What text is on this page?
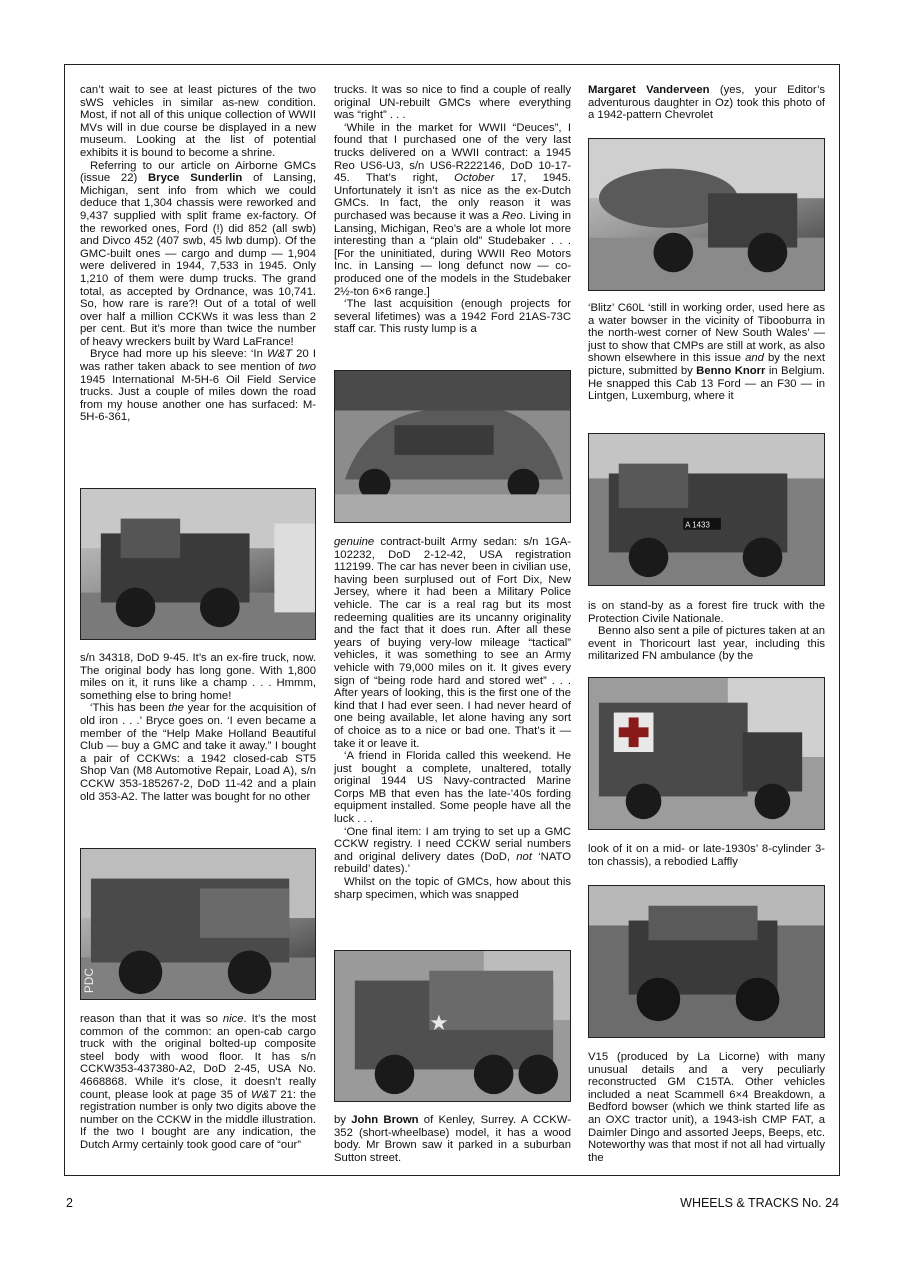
can’t wait to see at least pictures of the two sWS vehicles in similar as-new condition. Most, if not all of this unique collection of WWII MVs will in due course be displayed in a new museum. Looking at the list of potential exhibits it is bound to become a shrine.

Referring to our article on Airborne GMCs (issue 22) Bryce Sunderlin of Lansing, Michigan, sent info from which we could deduce that 1,304 chassis were reworked and 9,437 supplied with split frame ex-factory. Of the reworked ones, Ford (!) did 852 (all swb) and Divco 452 (407 swb, 45 lwb dump). Of the GMC-built ones — cargo and dump — 1,904 were delivered in 1944, 7,533 in 1945. Only 1,210 of them were dump trucks. The grand total, as accepted by Ordnance, was 10,741. So, how rare is rare?! Out of a total of well over half a million CCKWs it was less than 2 per cent. But it’s more than twice the number of heavy wreckers built by Ward LaFrance!

Bryce had more up his sleeve: ‘In W&T 20 I was rather taken aback to see mention of two 1945 International M-5H-6 Oil Field Service trucks. Just a couple of miles down the road from my house another one has surfaced: M-5H-6-361,

s/n 34318, DoD 9-45. It’s an ex-fire truck, now. The original body has long gone. With 1,800 miles on it, it runs like a champ . . . Hmmm, something else to bring home!

‘This has been the year for the acquisition of old iron . . .’ Bryce goes on. ‘I even became a member of the “Help Make Holland Beautiful Club — buy a GMC and take it away.” I bought a pair of CCKWs: a 1942 closed-cab ST5 Shop Van (M8 Automotive Repair, Load A), s/n CCKW 353-185267-2, DoD 11-42 and a plain old 353-A2. The latter was bought for no other

PDC

reason than that it was so nice. It’s the most common of the common: an open-cab cargo truck with the original bolted-up composite steel body with wood floor. It has s/n CCKW353-437380-A2, DoD 2-45, USA No. 4668868. While it’s close, it doesn’t really count, please look at page 35 of W&T 21: the registration number is only two digits above the number on the CCKW in the middle illustration. If the two I bought are any indication, the Dutch Army certainly took good care of “our”

trucks. It was so nice to find a couple of really original UN-rebuilt GMCs where everything was “right” . . .

‘While in the market for WWII “Deuces”, I found that I purchased one of the very last trucks delivered on a WWII contract: a 1945 Reo US6-U3, s/n US6-R222146, DoD 10-17-45. That’s right, October 17, 1945. Unfortunately it isn’t as nice as the ex-Dutch GMCs. In fact, the only reason it was purchased was because it was a Reo. Living in Lansing, Michigan, Reo’s are a whole lot more interesting than a “plain old” Studebaker . . . [For the uninitiated, during WWII Reo Motors Inc. in Lansing — long defunct now — co-produced one of the models in the Studebaker 2½-ton 6×6 range.]

‘The last acquisition (enough projects for several lifetimes) was a 1942 Ford 21AS-73C staff car. This rusty lump is a

genuine contract-built Army sedan: s/n 1GA-102232, DoD 2-12-42, USA registration 112199. The car has never been in civilian use, having been surplused out of Fort Dix, New Jersey, where it had been a Military Police vehicle. The car is a real rag but its most redeeming qualities are its uncanny originality and the fact that it does run. After all these years of buying very-low mileage “tactical” vehicles, it was something to see an Army vehicle with 79,000 miles on it. It gives every sign of “being rode hard and stored wet” . . . After years of looking, this is the first one of the kind that I had ever seen. I had never heard of one being available, let alone having any sort of choice as to a nice or bad one. That’s it — take it or leave it.

‘A friend in Florida called this weekend. He just bought a complete, unaltered, totally original 1944 US Navy-contracted Marine Corps MB that even has the late-’40s fording equipment installed. Some people have all the luck . . .

‘One final item: I am trying to set up a GMC CCKW registry. I need CCKW serial numbers and original delivery dates (DoD, not ‘NATO rebuild’ dates).’

Whilst on the topic of GMCs, how about this sharp specimen, which was snapped

★

by John Brown of Kenley, Surrey. A CCKW-352 (short-wheelbase) model, it has a wood body. Mr Brown saw it parked in a suburban Sutton street.

Margaret Vanderveen (yes, your Editor’s adventurous daughter in Oz) took this photo of a 1942-pattern Chevrolet

‘Blitz’ C60L ‘still in working order, used here as a water bowser in the vicinity of Tibooburra in the north-west corner of New South Wales’ — just to show that CMPs are still at work, as also shown elsewhere in this issue and by the next picture, submitted by Benno Knorr in Belgium. He snapped this Cab 13 Ford — an F30 — in Lintgen, Luxemburg, where it

A 1433

is on stand-by as a forest fire truck with the Protection Civile Nationale.

Benno also sent a pile of pictures taken at an event in Thoricourt last year, including this militarized FN ambulance (by the

look of it on a mid- or late-1930s’ 8-cylinder 3-ton chassis), a rebodied Laffly

V15 (produced by La Licorne) with many unusual details and a very peculiarly reconstructed GM C15TA. Other vehicles included a neat Scammell 6×4 Breakdown, a Bedford bowser (which we think started life as an OXC tractor unit), a 1943-ish CMP FAT, a Daimler Dingo and assorted Jeeps, Beeps, etc. Noteworthy was that most if not all had virtually the

2	WHEELS & TRACKS No. 24
